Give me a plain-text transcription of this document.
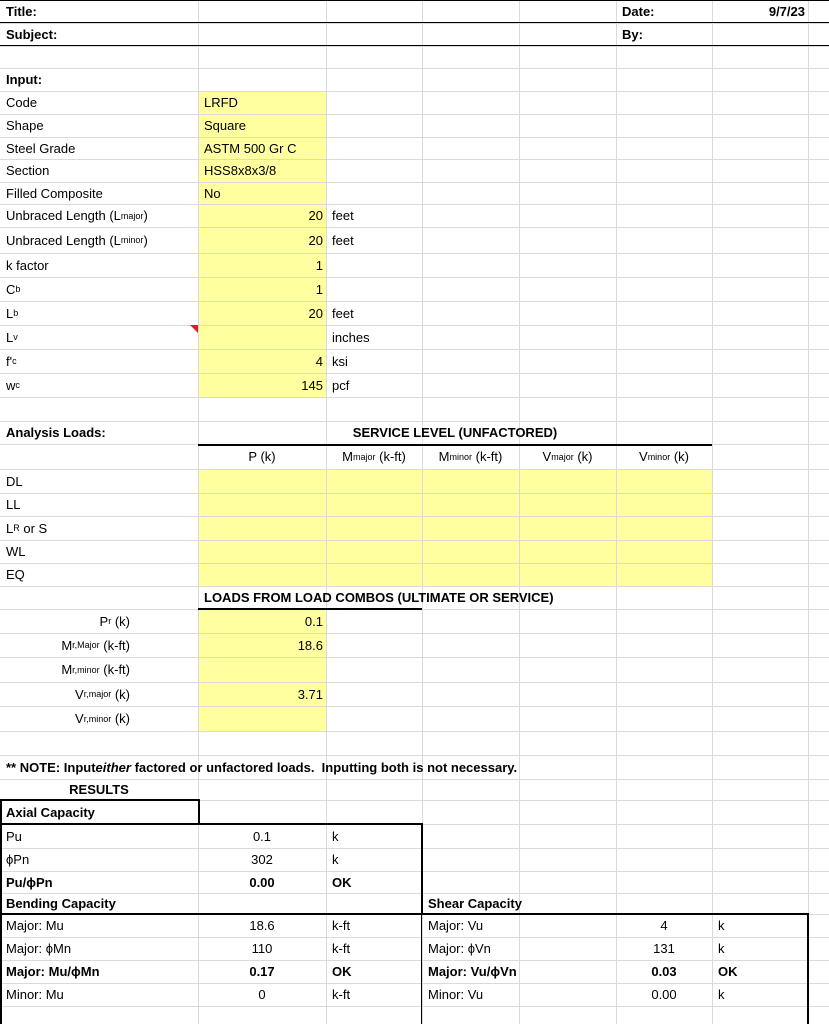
Title:
Subject:
Date:	9/7/23
By:
Input:
Code	LRFD
Shape	Square
Steel Grade	ASTM 500 Gr C
Section	HSS8x8x3/8
Filled Composite	No
Unbraced Length (L major )	20 feet
Unbraced Length (L minor )	20 feet
k factor	1
C b	1
L b	20 feet
L v	inches
f' c	4 ksi
w c	145 pcf
Analysis Loads:	SERVICE LEVEL (UNFACTORED)
P (k)	M major (k-ft)	M minor (k-ft)	V major (k)	V minor (k)
DL
LL
L R or S
WL
EQ
LOADS FROM LOAD COMBOS (ULTIMATE OR SERVICE)
P r (k)	0.1
M r,Major (k-ft)	18.6
M r,minor (k-ft)
V r,major (k)	3.71
V r,minor (k)
** NOTE: Input either factored or unfactored loads.  Inputting both is not necessary.
RESULTS
Axial Capacity
Pu	0.1	k
ϕPn	302	k
Pu/ϕPn	0.00	OK
Bending Capacity
Major: Mu	18.6	k-ft
Major: ϕMn	110	k-ft
Major: Mu/ϕMn	0.17	OK
Minor: Mu	0	k-ft
Shear Capacity
Major: Vu	4	k
Major: ϕVn	131	k
Major: Vu/ϕVn	0.03	OK
Minor: Vu	0.00	k
